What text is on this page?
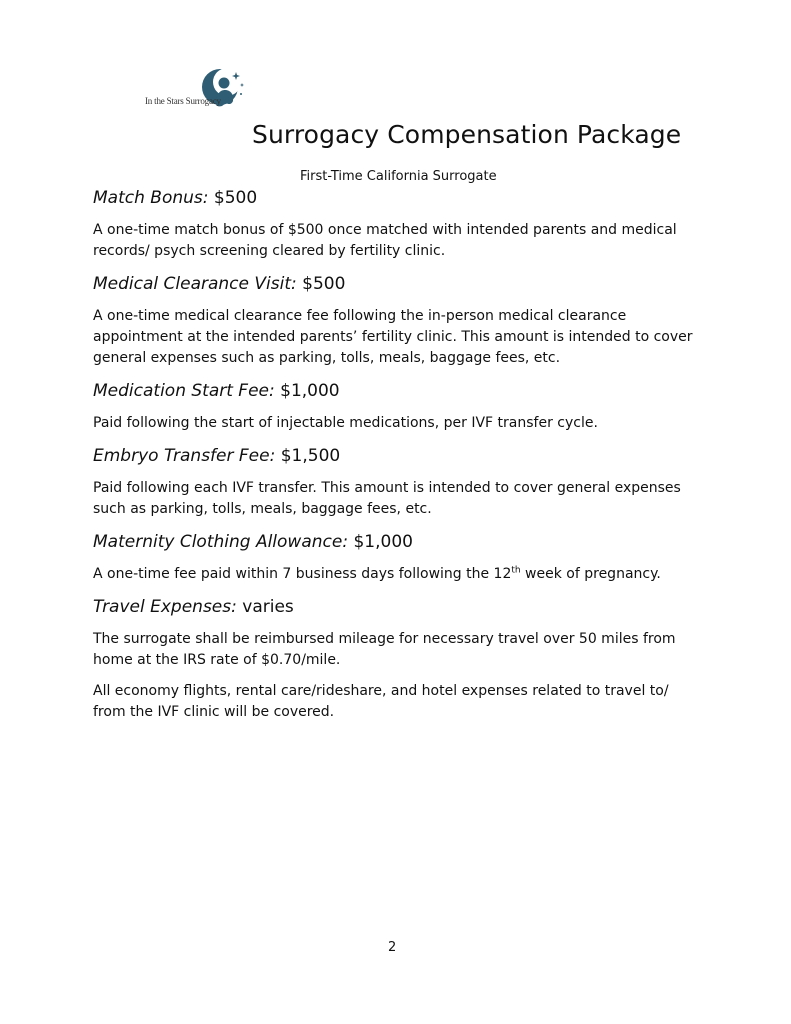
In the Stars Surrogacy
Surrogacy Compensation Package

First-Time California Surrogate

Match Bonus: $500

A one-time match bonus of $500 once matched with intended parents and medical records/ psych screening cleared by fertility clinic.

Medical Clearance Visit: $500

A one-time medical clearance fee following the in-person medical clearance appointment at the intended parents’ fertility clinic. This amount is intended to cover general expenses such as parking, tolls, meals, baggage fees, etc.

Medication Start Fee: $1,000

Paid following the start of injectable medications, per IVF transfer cycle.

Embryo Transfer Fee: $1,500

Paid following each IVF transfer. This amount is intended to cover general expenses such as parking, tolls, meals, baggage fees, etc.

Maternity Clothing Allowance: $1,000

A one-time fee paid within 7 business days following the 12th week of pregnancy.

Travel Expenses: varies

The surrogate shall be reimbursed mileage for necessary travel over 50 miles from home at the IRS rate of $0.70/mile.

All economy flights, rental care/rideshare, and hotel expenses related to travel to/ from the IVF clinic will be covered.

2
